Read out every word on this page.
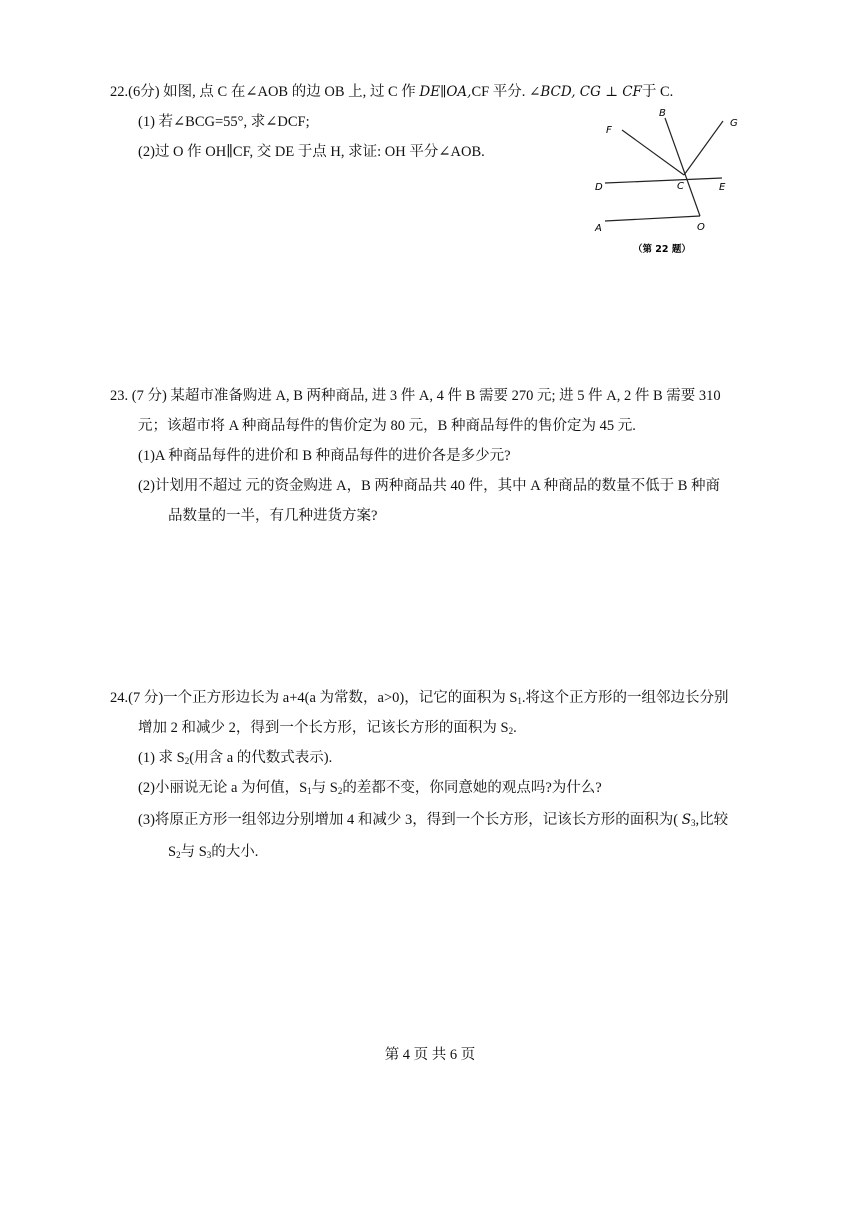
22.(6分) 如图, 点 C 在∠AOB 的边 OB 上, 过 C 作 DE∥OA,CF 平分. ∠BCD, CG ⊥ CF于 C.
(1) 若∠BCG=55°, 求∠DCF;
(2)过 O 作 OH∥CF, 交 DE 于点 H, 求证: OH 平分∠AOB.
F
B
G
D	C	E
A	O
（第 22 题）
23. (7 分) 某超市准备购进 A, B 两种商品, 进 3 件 A, 4 件 B 需要 270 元; 进 5 件 A, 2 件 B 需要 310
元；该超市将 A 种商品每件的售价定为 80 元，B 种商品每件的售价定为 45 元.
(1)A 种商品每件的进价和 B 种商品每件的进价各是多少元?
(2)计划用不超过 元的资金购进 A，B 两种商品共 40 件，其中 A 种商品的数量不低于 B 种商
品数量的一半，有几种进货方案?
24.(7 分)一个正方形边长为 a+4(a 为常数，a>0)，记它的面积为 $S_1$.将这个正方形的一组邻边长分别
增加 2 和减少 2，得到一个长方形，记该长方形的面积为 $S_2$.
(1) 求 $S_2$(用含 a 的代数式表示).
(2)小丽说无论 a 为何值，$S_1$与 $S_2$的差都不变，你同意她的观点吗?为什么?
(3)将原正方形一组邻边分别增加 4 和减少 3，得到一个长方形，记该长方形的面积为( $S_3$,比较
$S_2$与 $S_3$的大小.
第 4 页 共 6 页
